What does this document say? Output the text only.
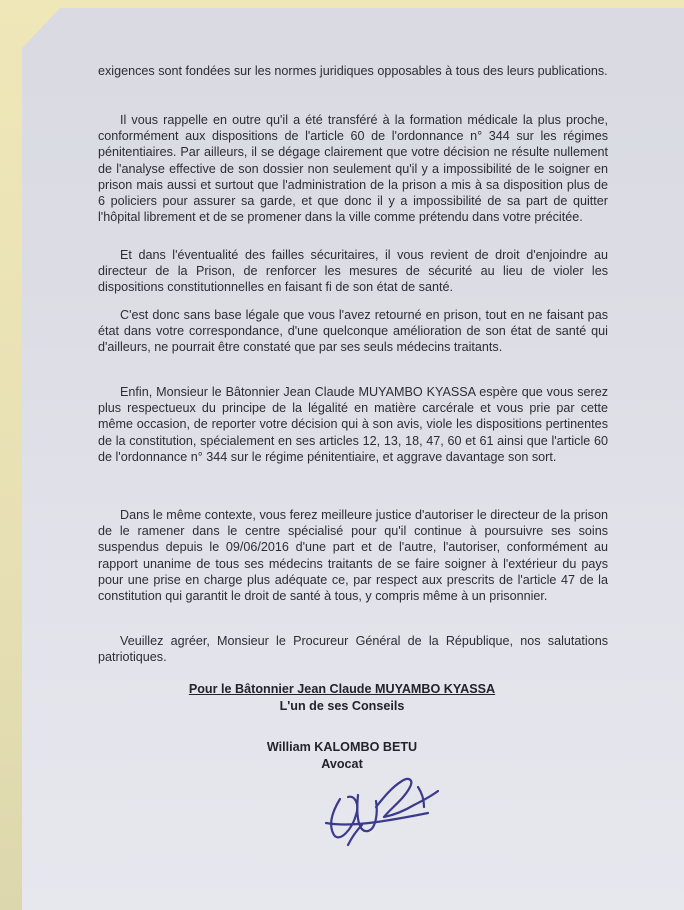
exigences sont fondées sur les normes juridiques opposables à tous des leurs publications.
Il vous rappelle en outre qu'il a été transféré à la formation médicale la plus proche, conformément aux dispositions de l'article 60 de l'ordonnance n° 344 sur les régimes pénitentiaires. Par ailleurs, il se dégage clairement que votre décision ne résulte nullement de l'analyse effective de son dossier non seulement qu'il y a impossibilité de le soigner en prison mais aussi et surtout que l'administration de la prison a mis à sa disposition plus de 6 policiers pour assurer sa garde, et que donc il y a impossibilité de sa part de quitter l'hôpital librement et de se promener dans la ville comme prétendu dans votre précitée.
Et dans l'éventualité des failles sécuritaires, il vous revient de droit d'enjoindre au directeur de la Prison, de renforcer les mesures de sécurité au lieu de violer les dispositions constitutionnelles en faisant fi de son état de santé.
C'est donc sans base légale que vous l'avez retourné en prison, tout en ne faisant pas état dans votre correspondance, d'une quelconque amélioration de son état de santé qui d'ailleurs, ne pourrait être constaté que par ses seuls médecins traitants.
Enfin, Monsieur le Bâtonnier Jean Claude MUYAMBO KYASSA espère que vous serez plus respectueux du principe de la légalité en matière carcérale et vous prie par cette même occasion, de reporter votre décision qui à son avis, viole les dispositions pertinentes de la constitution, spécialement en ses articles 12, 13, 18, 47, 60 et 61 ainsi que l'article 60 de l'ordonnance n° 344 sur le régime pénitentiaire, et aggrave davantage son sort.
Dans le même contexte, vous ferez meilleure justice d'autoriser le directeur de la prison de le ramener dans le centre spécialisé pour qu'il continue à poursuivre ses soins suspendus depuis le 09/06/2016 d'une part et de l'autre, l'autoriser, conformément au rapport unanime de tous ses médecins traitants de se faire soigner à l'extérieur du pays pour une prise en charge plus adéquate ce, par respect aux prescrits de l'article 47 de la constitution qui garantit le droit de santé à tous, y compris même à un prisonnier.
Veuillez agréer, Monsieur le Procureur Général de la République, nos salutations patriotiques.
Pour le Bâtonnier Jean Claude MUYAMBO KYASSA
L'un de ses Conseils
William KALOMBO BETU
Avocat
